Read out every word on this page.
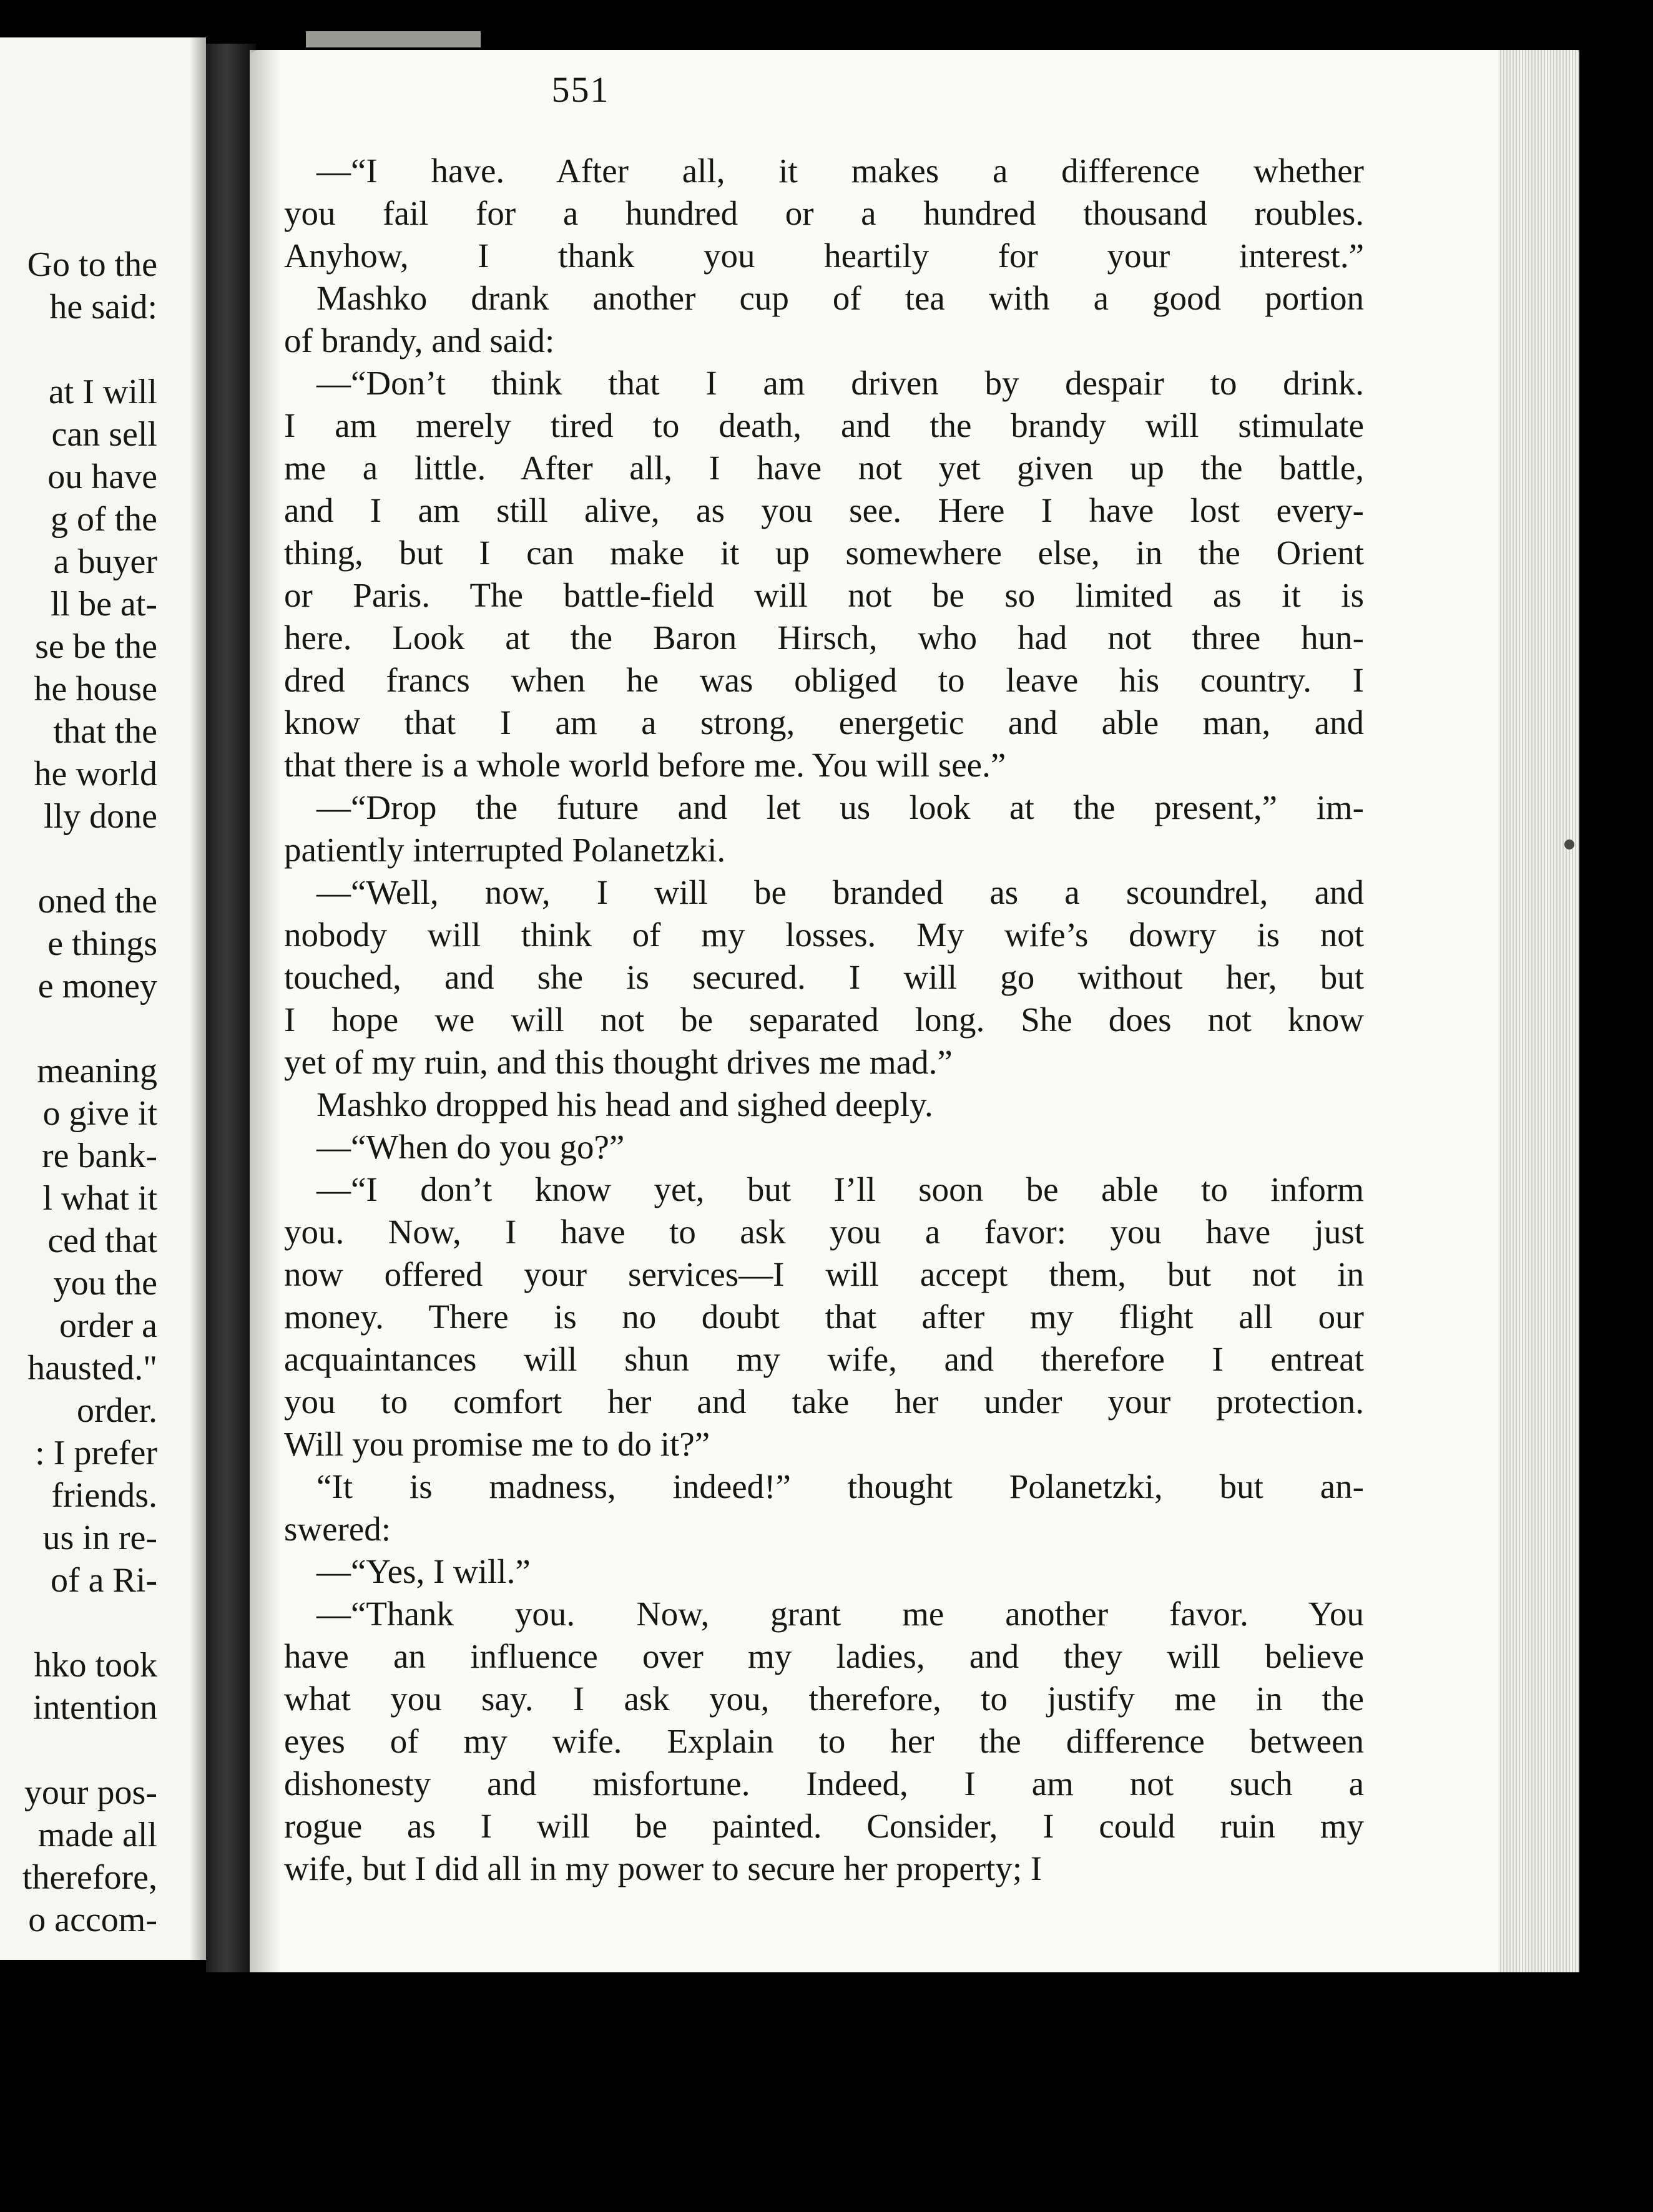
Go to the
he said:
at I will
can sell
ou have
g of the
a buyer
ll be at-
se be the
he house
that the
he world
lly done
oned the
e things
e money
meaning
o give it
re bank-
l what it
ced that
you the
order a
hausted."
order.
: I prefer
friends.
us in re-
of a Ri-
hko took
intention
your pos-
made all
therefore,
o accom-
551
—“I have. After all, it makes a difference whether
you fail for a hundred or a hundred thousand roubles.
Anyhow, I thank you heartily for your interest.”
Mashko drank another cup of tea with a good portion
of brandy, and said:
—“Don’t think that I am driven by despair to drink.
I am merely tired to death, and the brandy will stimulate
me a little. After all, I have not yet given up the battle,
and I am still alive, as you see. Here I have lost every-
thing, but I can make it up somewhere else, in the Orient
or Paris. The battle-field will not be so limited as it is
here. Look at the Baron Hirsch, who had not three hun-
dred francs when he was obliged to leave his country. I
know that I am a strong, energetic and able man, and
that there is a whole world before me. You will see.”
—“Drop the future and let us look at the present,” im-
patiently interrupted Polanetzki.
—“Well, now, I will be branded as a scoundrel, and
nobody will think of my losses. My wife’s dowry is not
touched, and she is secured. I will go without her, but
I hope we will not be separated long. She does not know
yet of my ruin, and this thought drives me mad.”
Mashko dropped his head and sighed deeply.
—“When do you go?”
—“I don’t know yet, but I’ll soon be able to inform
you. Now, I have to ask you a favor: you have just
now offered your services—I will accept them, but not in
money. There is no doubt that after my flight all our
acquaintances will shun my wife, and therefore I entreat
you to comfort her and take her under your protection.
Will you promise me to do it?”
“It is madness, indeed!” thought Polanetzki, but an-
swered:
—“Yes, I will.”
—“Thank you. Now, grant me another favor. You
have an influence over my ladies, and they will believe
what you say. I ask you, therefore, to justify me in the
eyes of my wife. Explain to her the difference between
dishonesty and misfortune. Indeed, I am not such a
rogue as I will be painted. Consider, I could ruin my
wife, but I did all in my power to secure her property; I
